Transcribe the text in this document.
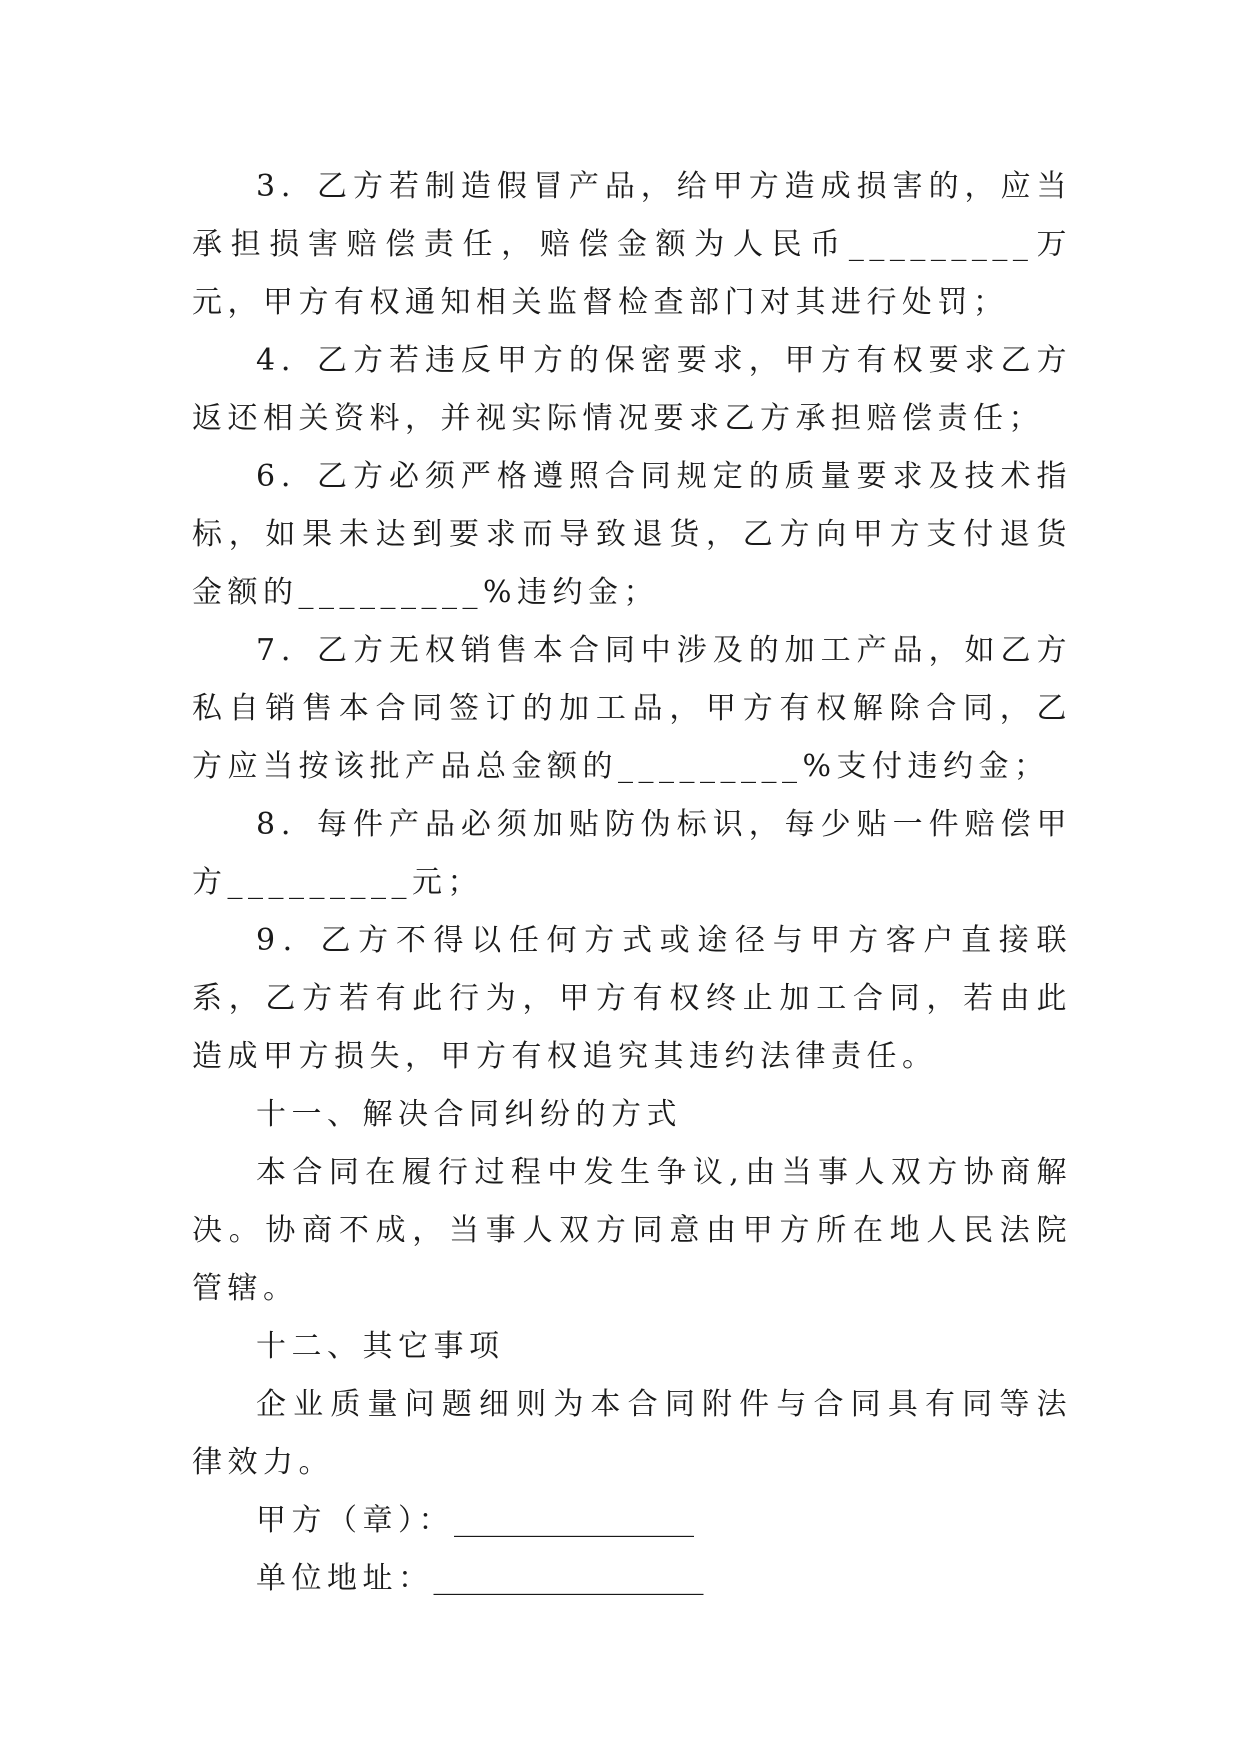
3．乙方若制造假冒产品，给甲方造成损害的，应当承担损害赔偿责任，赔偿金额为人民币_________万元，甲方有权通知相关监督检查部门对其进行处罚；

4．乙方若违反甲方的保密要求，甲方有权要求乙方返还相关资料，并视实际情况要求乙方承担赔偿责任；

6．乙方必须严格遵照合同规定的质量要求及技术指标，如果未达到要求而导致退货，乙方向甲方支付退货金额的_________%违约金；

7．乙方无权销售本合同中涉及的加工产品，如乙方私自销售本合同签订的加工品，甲方有权解除合同，乙方应当按该批产品总金额的_________%支付违约金；

8．每件产品必须加贴防伪标识，每少贴一件赔偿甲方_________元；

9．乙方不得以任何方式或途径与甲方客户直接联系，乙方若有此行为，甲方有权终止加工合同，若由此造成甲方损失，甲方有权追究其违约法律责任。

十一、解决合同纠纷的方式

本合同在履行过程中发生争议,由当事人双方协商解决。协商不成，当事人双方同意由甲方所在地人民法院管辖。

十二、其它事项

企业质量问题细则为本合同附件与合同具有同等法律效力。

甲方（章）：________________

单位地址：__________________
